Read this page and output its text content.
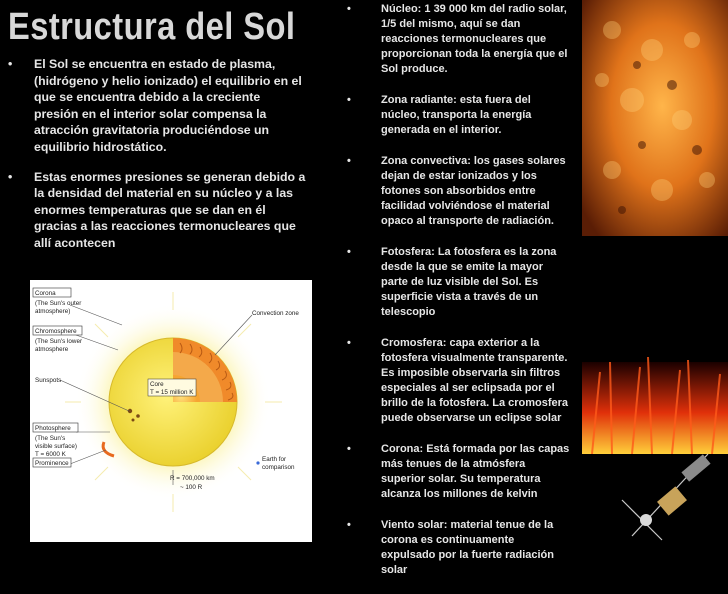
Estructura del Sol
• El Sol se encuentra en estado de plasma, (hidrógeno y helio ionizado) el equilibrio en el que se encuentra debido a la creciente presión en el interior solar compensa la atracción gravitatoria produciéndose un equilibrio hidrostático.
• Estas enormes presiones se generan debido a la densidad del material en su núcleo y a las enormes temperaturas que se dan en él gracias a las reacciones termonucleares que allí acontecen
•	Núcleo: 1 39 000 km del radio solar, 1/5 del mismo, aquí se dan reacciones termonucleares que proporcionan toda la energía que el Sol produce.
•	Zona radiante: esta fuera del núcleo, transporta la energía generada en el interior.
•	Zona convectiva: los gases solares dejan de estar ionizados y los fotones son absorbidos entre facilidad volviéndose el material opaco al transporte de radiación.
•	Fotosfera: La fotosfera es la zona desde la que se emite la mayor parte de luz visible del Sol. Es superficie vista a través de un telescopio
•	Cromosfera: capa exterior a la fotosfera visualmente transparente. Es imposible observarla sin filtros especiales al ser eclipsada por el brillo de la fotosfera. La cromosfera puede observarse un eclipse solar
•	Corona: Está formada por las capas más tenues de la atmósfera superior solar. Su temperatura alcanza los millones de kelvin
•	Viento solar: material tenue de la corona es continuamente expulsado por la fuerte radiación solar
Corona
(The Sun's outer
atmosphere)
Chromosphere
(The Sun's lower
atmosphere
Sunspots
Photosphere
(The Sun's
visible surface)
T = 6000 K
Prominence
Convection zone
Core
T = 15 million K
R = 700,000 km
~ 100 R
Earth for
comparison
